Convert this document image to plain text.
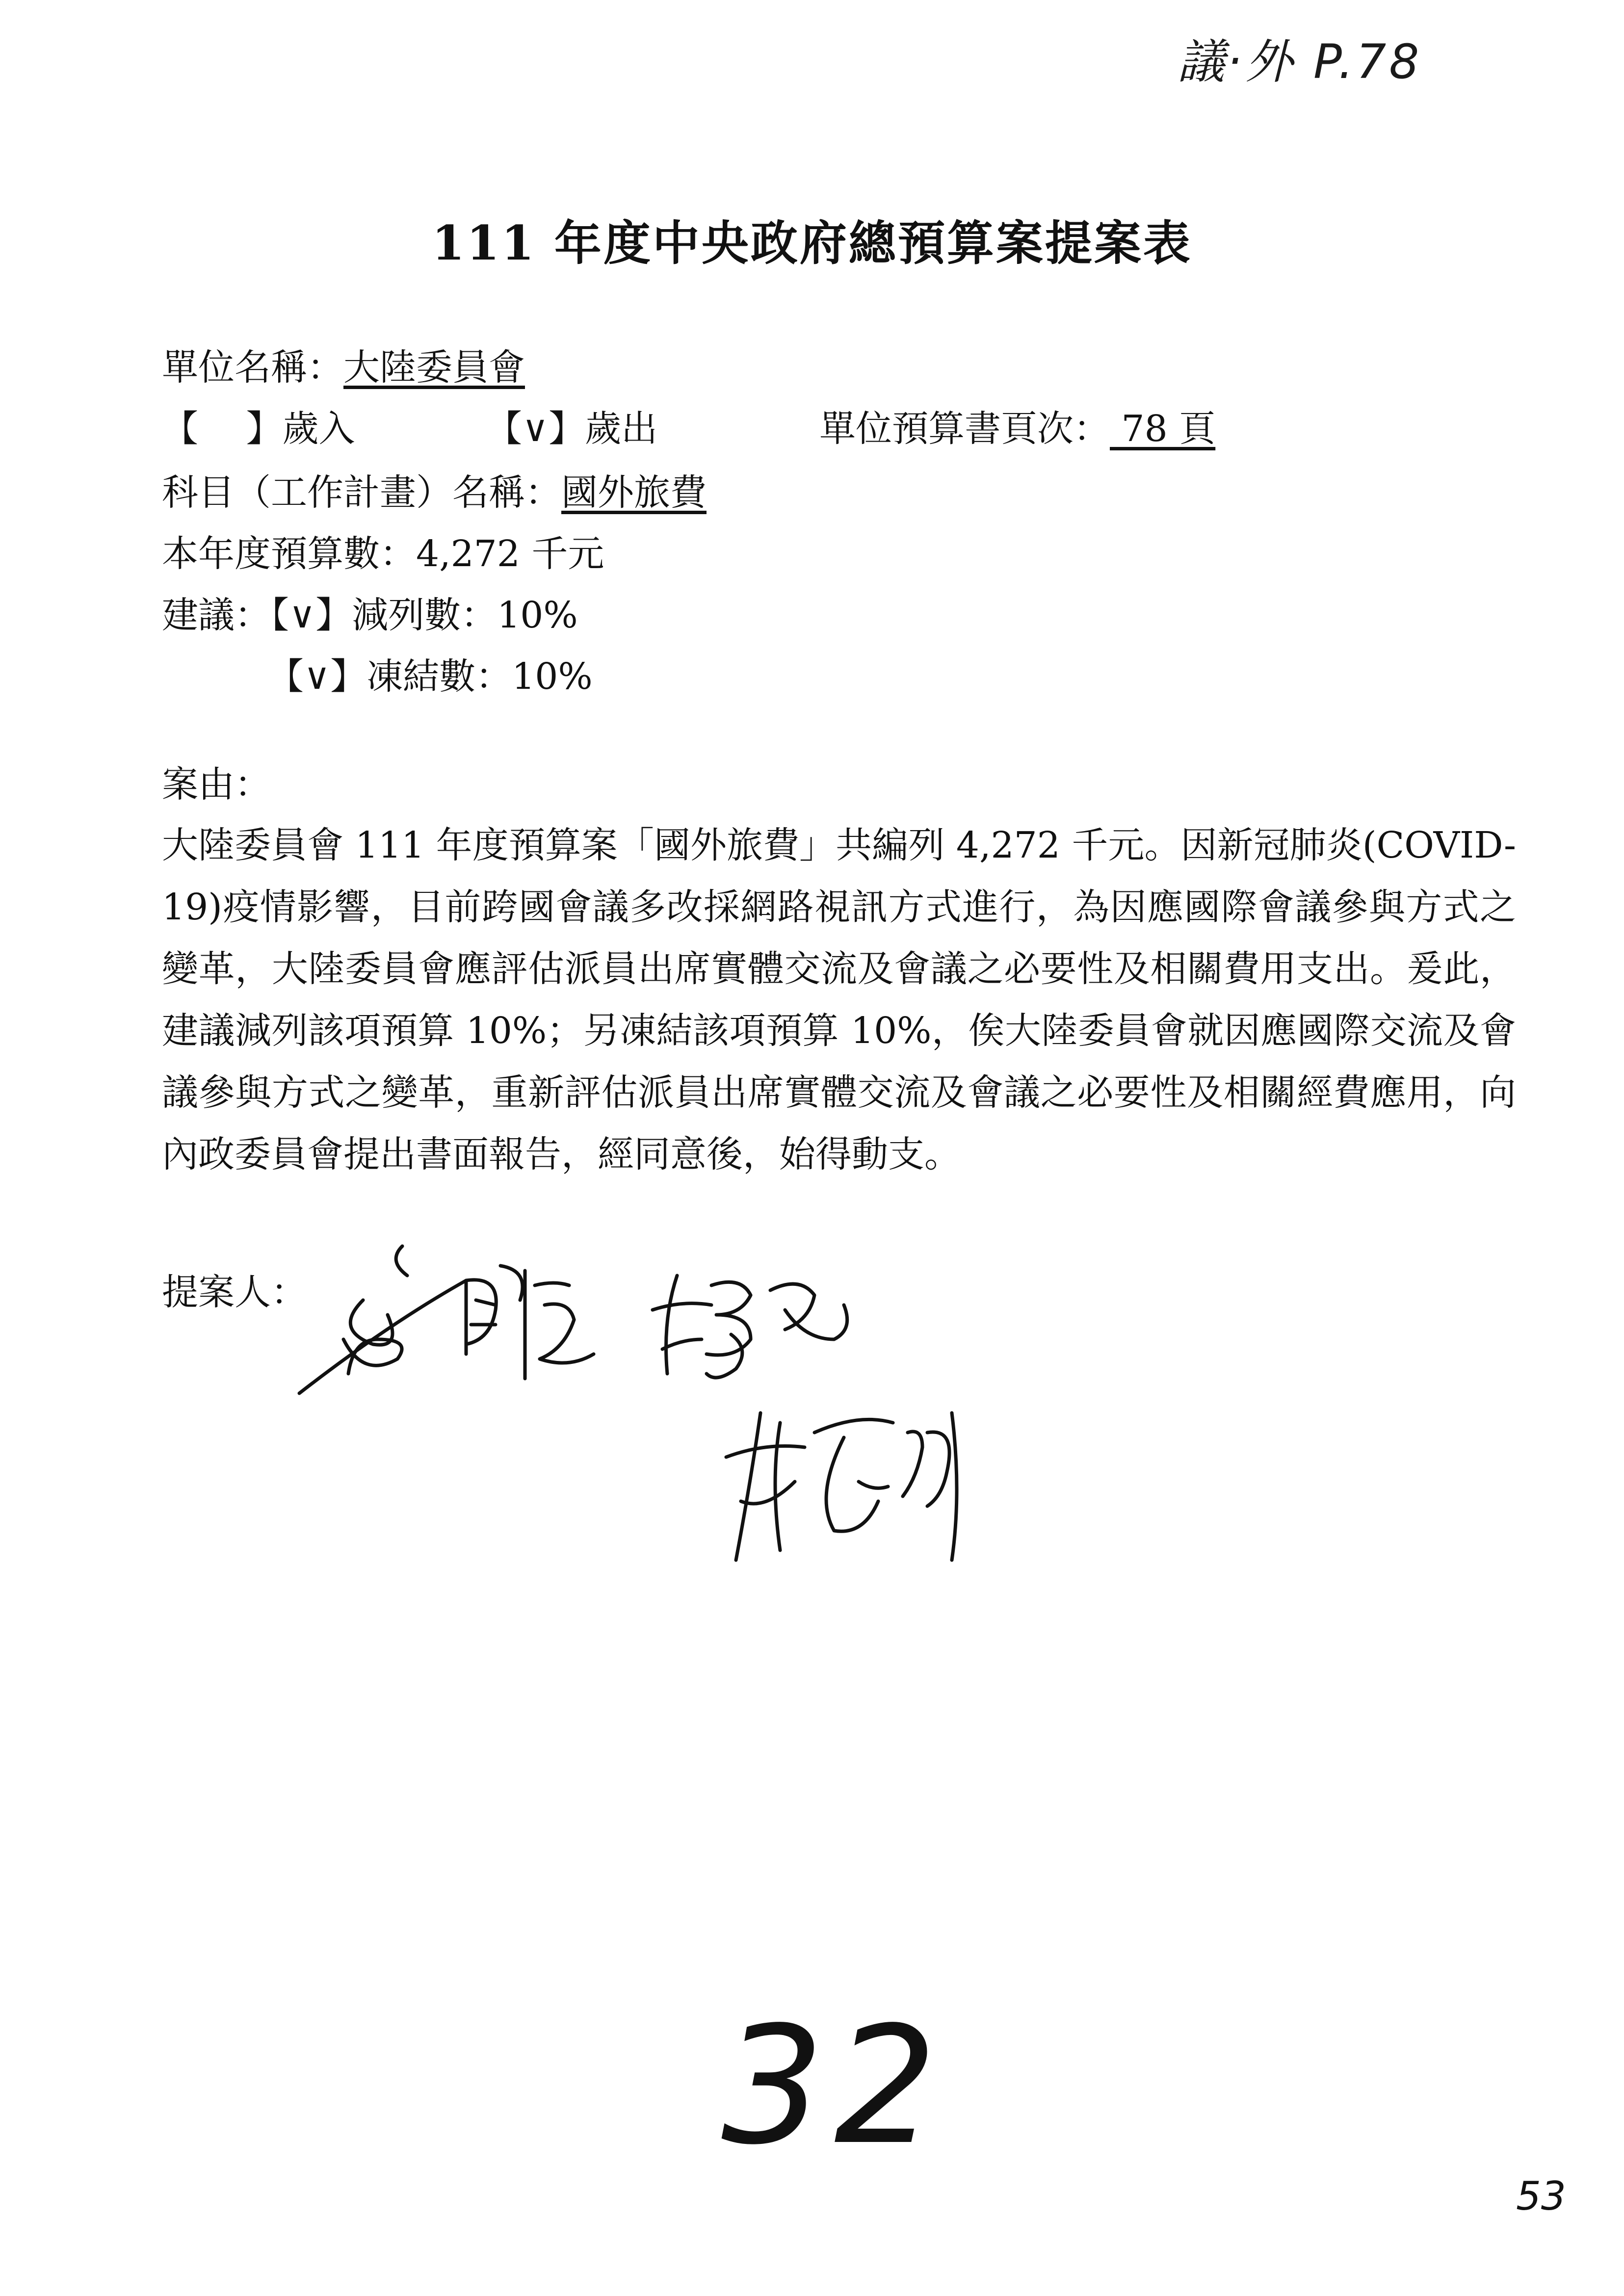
議‧外 P.78
111 年度中央政府總預算案提案表
單位名稱：大陸委員會
【　 】歲入	【∨】歲出	單位預算書頁次： 78 頁
科目（工作計畫）名稱：國外旅費
本年度預算數：4,272 千元
建議：【∨】減列數：10%
【∨】凍結數：10%
案由：
大陸委員會 111 年度預算案「國外旅費」共編列 4,272 千元。因新冠肺炎(COVID-19)疫情影響，目前跨國會議多改採網路視訊方式進行，為因應國際會議參與方式之變革，大陸委員會應評估派員出席實體交流及會議之必要性及相關費用支出。爰此，建議減列該項預算 10%；另凍結該項預算 10%，俟大陸委員會就因應國際交流及會議參與方式之變革，重新評估派員出席實體交流及會議之必要性及相關經費應用，向內政委員會提出書面報告，經同意後，始得動支。
提案人：
32
53
